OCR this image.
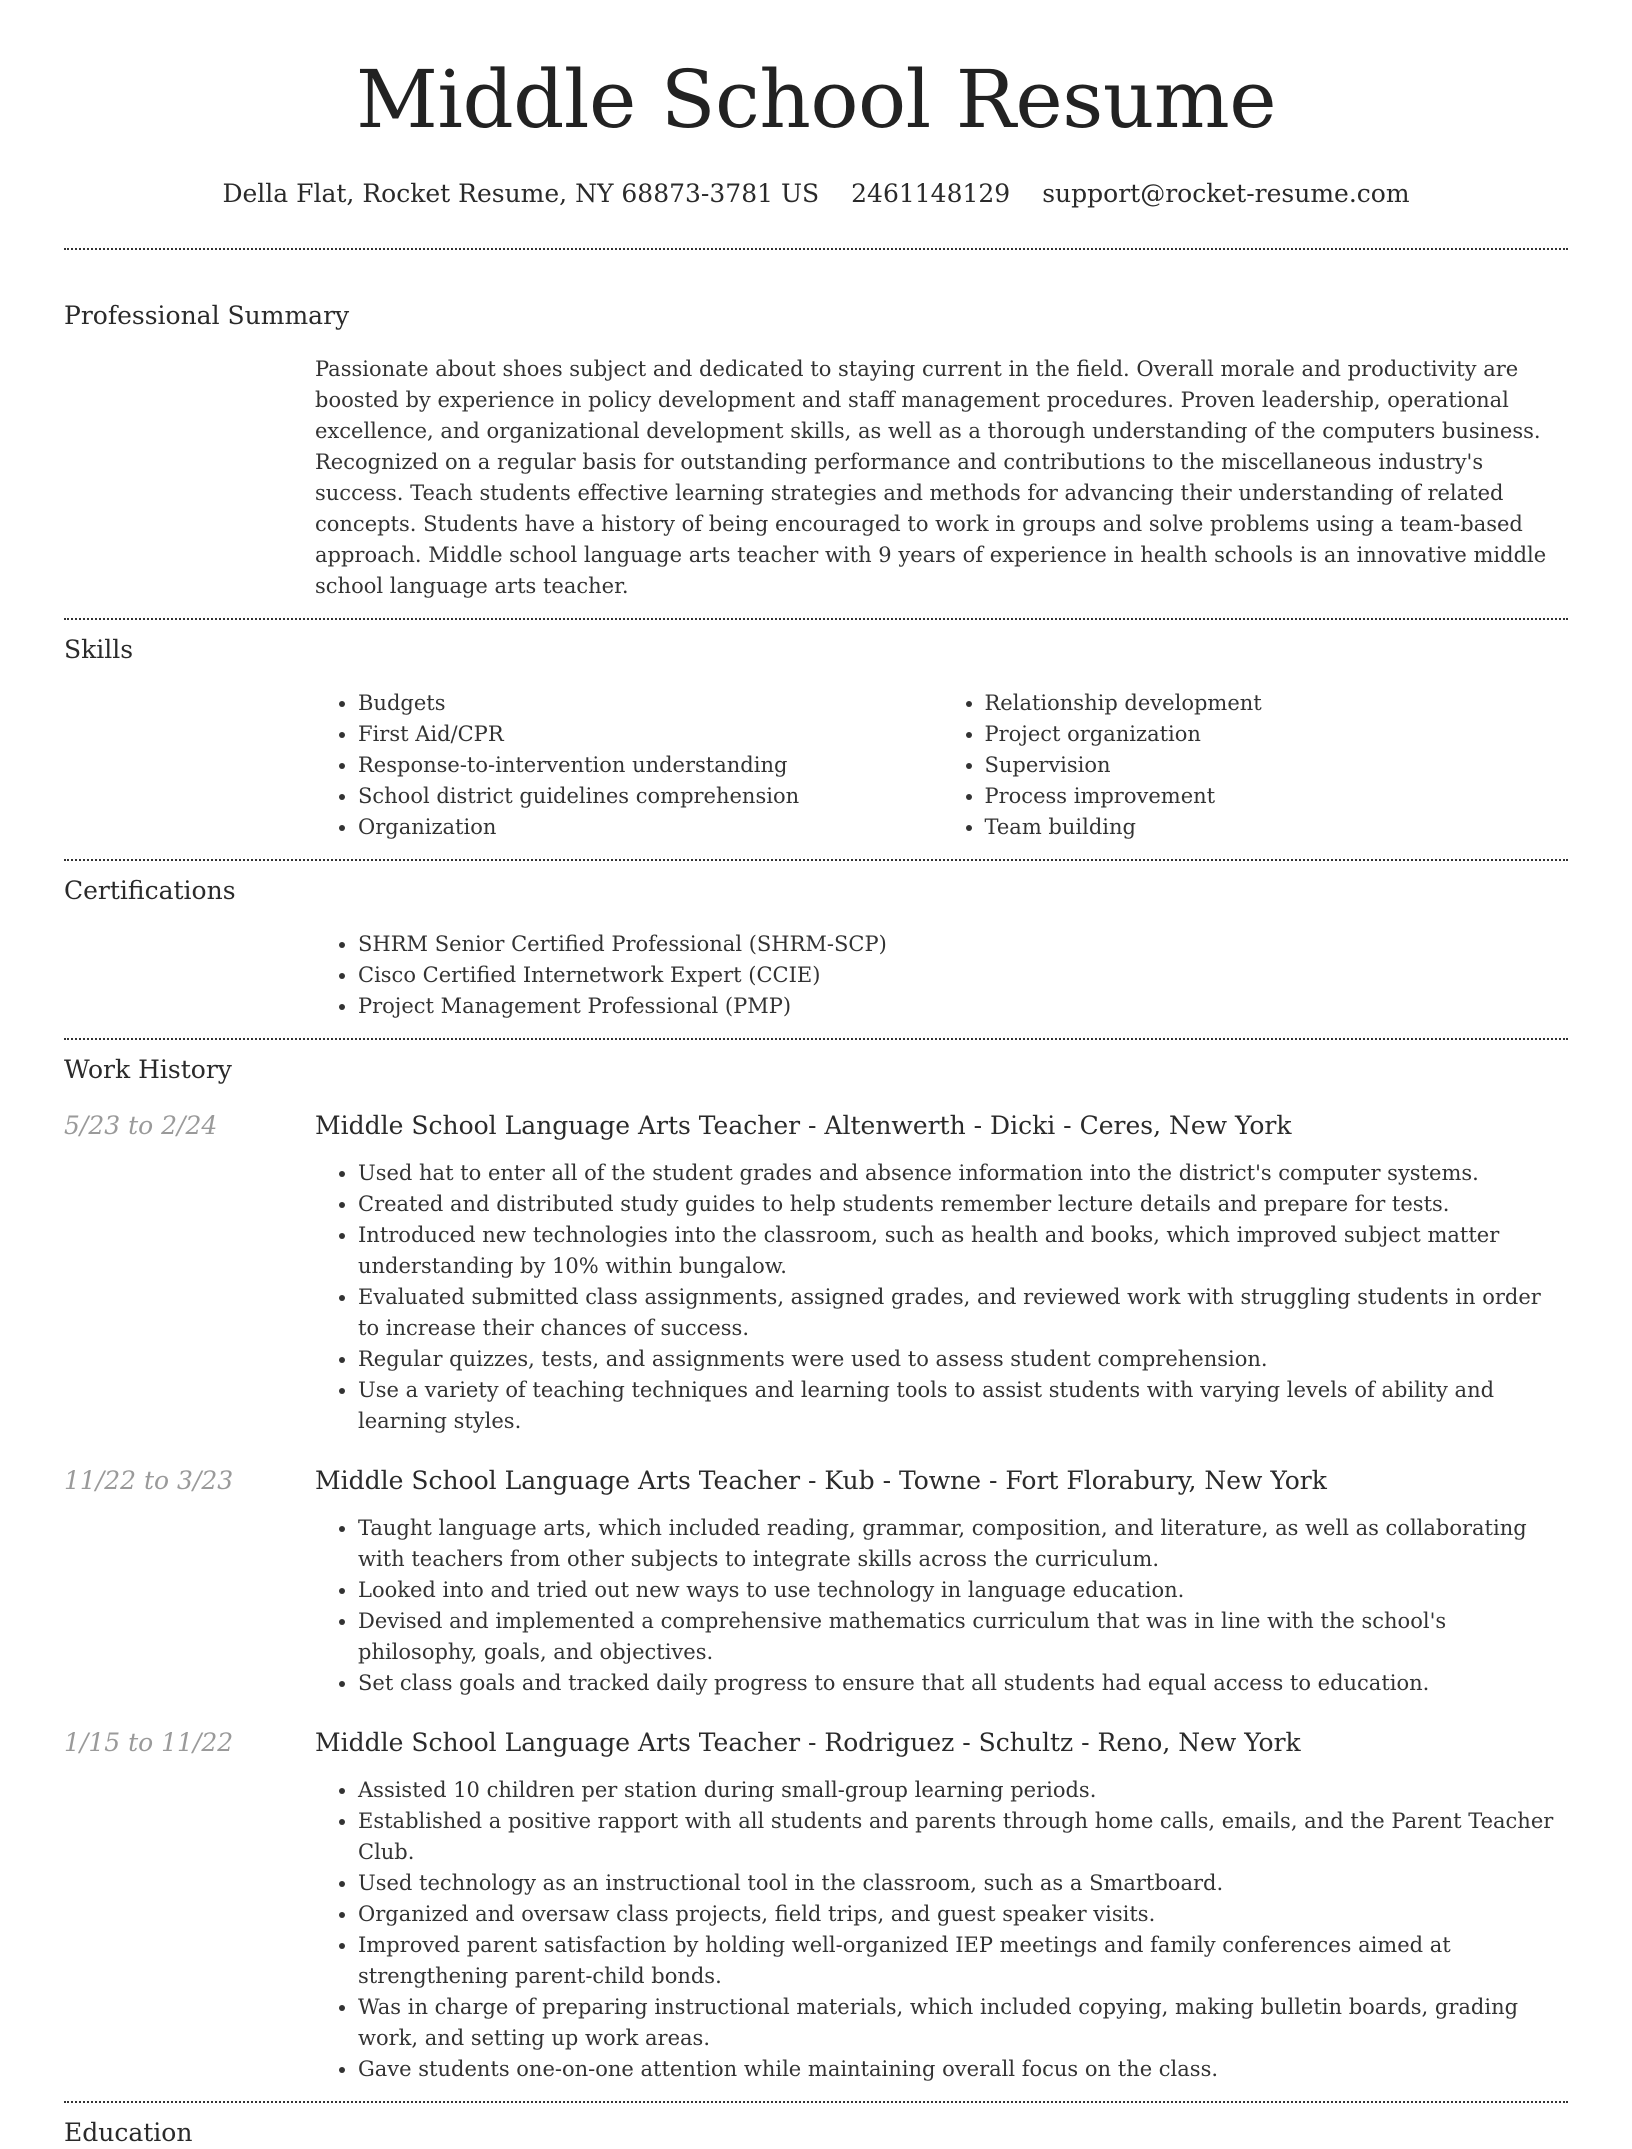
Middle School Resume
Della Flat, Rocket Resume, NY 68873-3781 US 2461148129 support@rocket-resume.com
Professional Summary

Passionate about shoes subject and dedicated to staying current in the field. Overall morale and productivity are boosted by experience in policy development and staff management procedures. Proven leadership, operational excellence, and organizational development skills, as well as a thorough understanding of the computers business. Recognized on a regular basis for outstanding performance and contributions to the miscellaneous industry's success. Teach students effective learning strategies and methods for advancing their understanding of related concepts. Students have a history of being encouraged to work in groups and solve problems using a team-based approach. Middle school language arts teacher with 9 years of experience in health schools is an innovative middle school language arts teacher.

Skills
• Budgets
• First Aid/CPR
• Response-to-intervention understanding
• School district guidelines comprehension
• Organization
• Relationship development
• Project organization
• Supervision
• Process improvement
• Team building
Certifications
• SHRM Senior Certified Professional (SHRM-SCP)
• Cisco Certified Internetwork Expert (CCIE)
• Project Management Professional (PMP)
Work History
5/23 to 2/24	Middle School Language Arts Teacher - Altenwerth - Dicki - Ceres, New York
• Used hat to enter all of the student grades and absence information into the district's computer systems.
• Created and distributed study guides to help students remember lecture details and prepare for tests.
• Introduced new technologies into the classroom, such as health and books, which improved subject matter understanding by 10% within bungalow.
• Evaluated submitted class assignments, assigned grades, and reviewed work with struggling students in order to increase their chances of success.
• Regular quizzes, tests, and assignments were used to assess student comprehension.
• Use a variety of teaching techniques and learning tools to assist students with varying levels of ability and learning styles.
11/22 to 3/23	Middle School Language Arts Teacher - Kub - Towne - Fort Florabury, New York
• Taught language arts, which included reading, grammar, composition, and literature, as well as collaborating with teachers from other subjects to integrate skills across the curriculum.
• Looked into and tried out new ways to use technology in language education.
• Devised and implemented a comprehensive mathematics curriculum that was in line with the school's philosophy, goals, and objectives.
• Set class goals and tracked daily progress to ensure that all students had equal access to education.
1/15 to 11/22	Middle School Language Arts Teacher - Rodriguez - Schultz - Reno, New York
• Assisted 10 children per station during small-group learning periods.
• Established a positive rapport with all students and parents through home calls, emails, and the Parent Teacher Club.
• Used technology as an instructional tool in the classroom, such as a Smartboard.
• Organized and oversaw class projects, field trips, and guest speaker visits.
• Improved parent satisfaction by holding well-organized IEP meetings and family conferences aimed at strengthening parent-child bonds.
• Was in charge of preparing instructional materials, which included copying, making bulletin boards, grading work, and setting up work areas.
• Gave students one-on-one attention while maintaining overall focus on the class.
Education
